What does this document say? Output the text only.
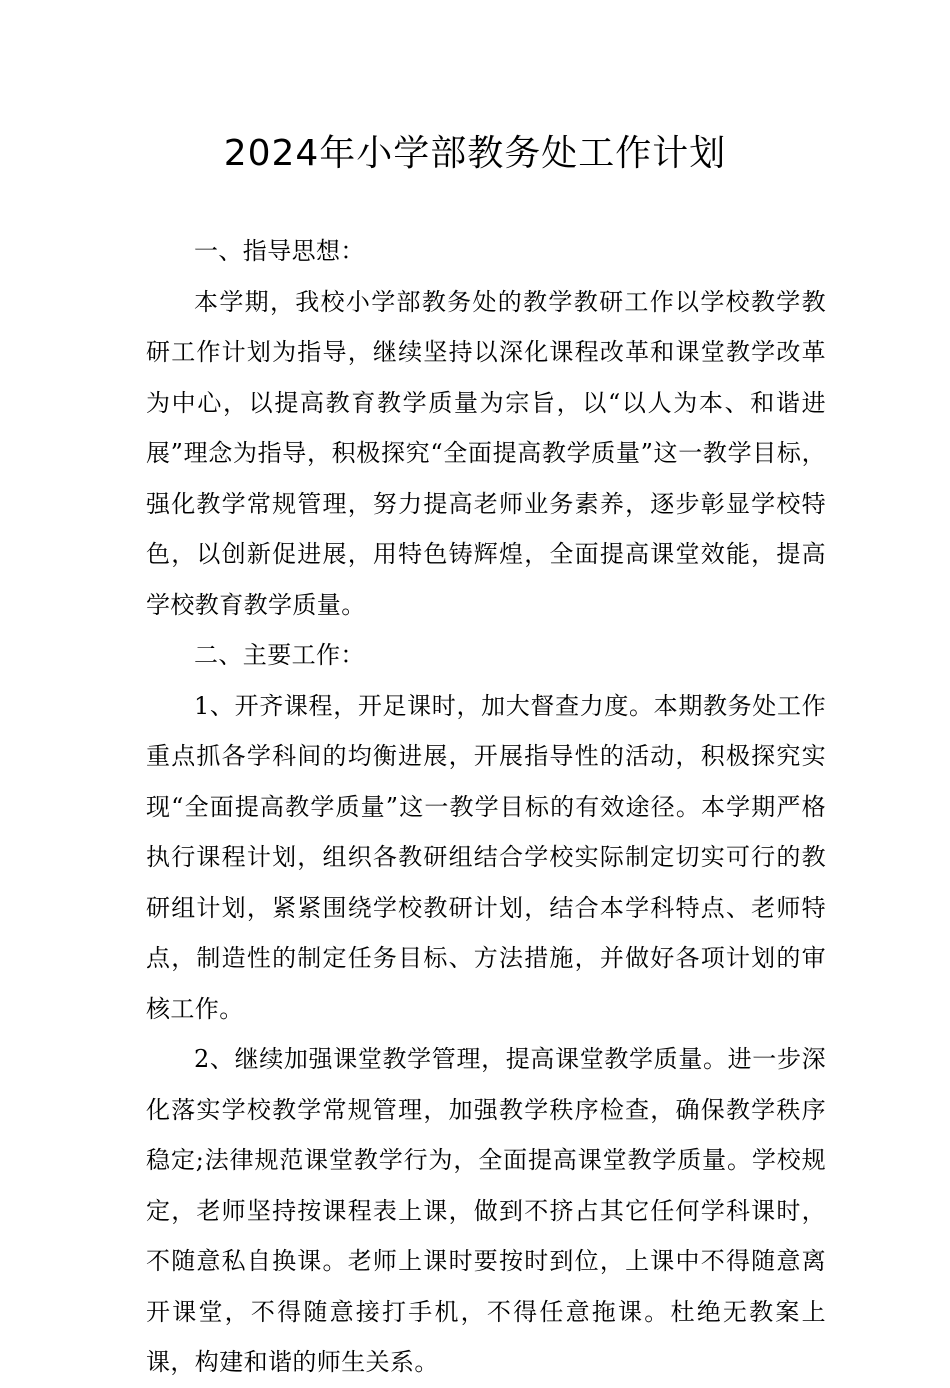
2024年小学部教务处工作计划

一、指导思想：

本学期，我校小学部教务处的教学教研工作以学校教学教研工作计划为指导，继续坚持以深化课程改革和课堂教学改革为中心，以提高教育教学质量为宗旨，以“以人为本、和谐进展”理念为指导，积极探究“全面提高教学质量”这一教学目标，强化教学常规管理，努力提高老师业务素养，逐步彰显学校特色，以创新促进展，用特色铸辉煌，全面提高课堂效能，提高学校教育教学质量。

二、主要工作：

1、开齐课程，开足课时，加大督查力度。本期教务处工作重点抓各学科间的均衡进展，开展指导性的活动，积极探究实现“全面提高教学质量”这一教学目标的有效途径。本学期严格执行课程计划，组织各教研组结合学校实际制定切实可行的教研组计划，紧紧围绕学校教研计划，结合本学科特点、老师特点，制造性的制定任务目标、方法措施，并做好各项计划的审核工作。

2、继续加强课堂教学管理，提高课堂教学质量。进一步深化落实学校教学常规管理，加强教学秩序检查，确保教学秩序稳定;法律规范课堂教学行为，全面提高课堂教学质量。学校规定，老师坚持按课程表上课，做到不挤占其它任何学科课时，不随意私自换课。老师上课时要按时到位，上课中不得随意离开课堂，不得随意接打手机，不得任意拖课。杜绝无教案上课，构建和谐的师生关系。
